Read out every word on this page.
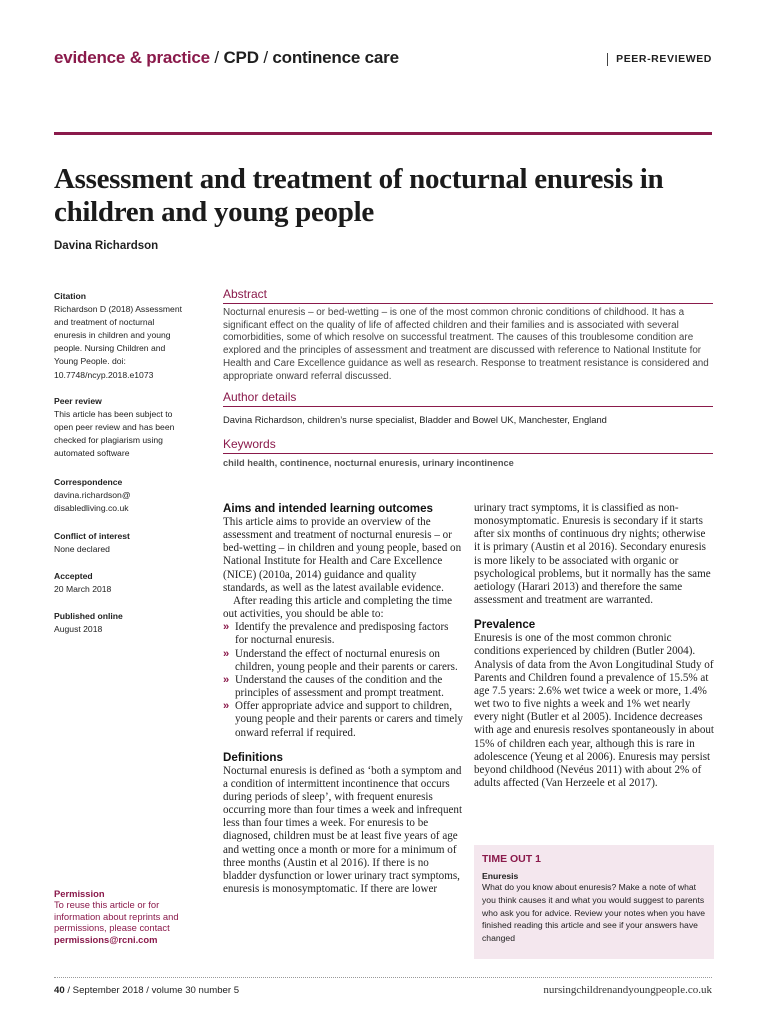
evidence & practice / CPD / continence care	PEER-REVIEWED
Assessment and treatment of nocturnal enuresis in children and young people
Davina Richardson
Citation
Richardson D (2018) Assessment and treatment of nocturnal enuresis in children and young people. Nursing Children and Young People. doi: 10.7748/ncyp.2018.e1073
Peer review
This article has been subject to open peer review and has been checked for plagiarism using automated software
Correspondence
davina.richardson@ disabledliving.co.uk
Conflict of interest
None declared
Accepted
20 March 2018
Published online
August 2018
Permission
To reuse this article or for information about reprints and permissions, please contact permissions@rcni.com
Abstract
Nocturnal enuresis – or bed-wetting – is one of the most common chronic conditions of childhood. It has a significant effect on the quality of life of affected children and their families and is associated with several comorbidities, some of which resolve on successful treatment. The causes of this troublesome condition are explored and the principles of assessment and treatment are discussed with reference to National Institute for Health and Care Excellence guidance as well as research. Response to treatment resistance is considered and appropriate onward referral discussed.
Author details
Davina Richardson, children’s nurse specialist, Bladder and Bowel UK, Manchester, England
Keywords
child health, continence, nocturnal enuresis, urinary incontinence
Aims and intended learning outcomes
This article aims to provide an overview of the assessment and treatment of nocturnal enuresis – or bed-wetting – in children and young people, based on National Institute for Health and Care Excellence (NICE) (2010a, 2014) guidance and quality standards, as well as the latest available evidence.
After reading this article and completing the time out activities, you should be able to:
» Identify the prevalence and predisposing factors for nocturnal enuresis.
» Understand the effect of nocturnal enuresis on children, young people and their parents or carers.
» Understand the causes of the condition and the principles of assessment and prompt treatment.
» Offer appropriate advice and support to children, young people and their parents or carers and timely onward referral if required.
Definitions
Nocturnal enuresis is defined as ‘both a symptom and a condition of intermittent incontinence that occurs during periods of sleep’, with frequent enuresis occurring more than four times a week and infrequent less than four times a week. For enuresis to be diagnosed, children must be at least five years of age and wetting once a month or more for a minimum of three months (Austin et al 2016). If there is no bladder dysfunction or lower urinary tract symptoms, enuresis is monosymptomatic. If there are lower
urinary tract symptoms, it is classified as non-monosymptomatic. Enuresis is secondary if it starts after six months of continuous dry nights; otherwise it is primary (Austin et al 2016). Secondary enuresis is more likely to be associated with organic or psychological problems, but it normally has the same aetiology (Harari 2013) and therefore the same assessment and treatment are warranted.
Prevalence
Enuresis is one of the most common chronic conditions experienced by children (Butler 2004). Analysis of data from the Avon Longitudinal Study of Parents and Children found a prevalence of 15.5% at age 7.5 years: 2.6% wet twice a week or more, 1.4% wet two to five nights a week and 1% wet nearly every night (Butler et al 2005). Incidence decreases with age and enuresis resolves spontaneously in about 15% of children each year, although this is rare in adolescence (Yeung et al 2006). Enuresis may persist beyond childhood (Nevéus 2011) with about 2% of adults affected (Van Herzeele et al 2017).
TIME OUT 1
Enuresis
What do you know about enuresis? Make a note of what you think causes it and what you would suggest to parents who ask you for advice. Review your notes when you have finished reading this article and see if your answers have changed
40 / September 2018 / volume 30 number 5	nursingchildrenandyoungpeople.co.uk
